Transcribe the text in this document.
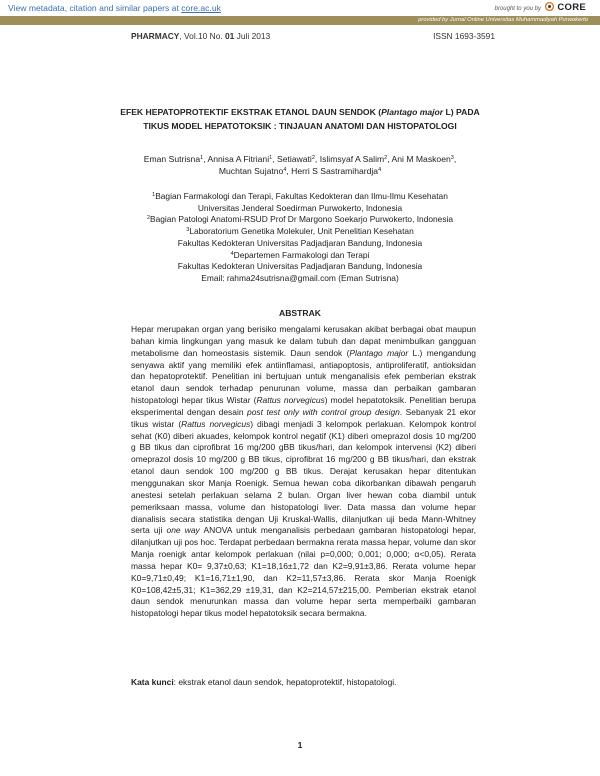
View metadata, citation and similar papers at core.ac.uk	brought to you by CORE
provided by Jurnal Online Universitas Muhammadiyah Purwokerto
PHARMACY, Vol.10 No. 01 Juli 2013	ISSN 1693-3591
EFEK HEPATOPROTEKTIF EKSTRAK ETANOL DAUN SENDOK (Plantago major L) PADA
TIKUS MODEL HEPATOTOKSIK : TINJAUAN ANATOMI DAN HISTOPATOLOGI
Eman Sutrisna$^1$, Annisa A Fitriani$^1$, Setiawati$^2$, Islimsyaf A Salim$^2$, Ani M Maskoen$^3$,
Muchtan Sujatno$^4$, Herri S Sastramihardja$^4$
$^1$Bagian Farmakologi dan Terapi, Fakultas Kedokteran dan Ilmu-Ilmu Kesehatan
Universitas Jenderal Soedirman Purwokerto, Indonesia
$^2$Bagian Patologi Anatomi-RSUD Prof Dr Margono Soekarjo Purwokerto, Indonesia
$^3$Laboratorium Genetika Molekuler, Unit Penelitian Kesehatan
Fakultas Kedokteran Universitas Padjadjaran Bandung, Indonesia
$^4$Departemen Farmakologi dan Terapi
Fakultas Kedokteran Universitas Padjadjaran Bandung, Indonesia
Email: rahma24sutrisna@gmail.com (Eman Sutrisna)
ABSTRAK
Hepar merupakan organ yang berisiko mengalami kerusakan akibat berbagai obat maupun bahan kimia lingkungan yang masuk ke dalam tubuh dan dapat menimbulkan gangguan metabolisme dan homeostasis sistemik. Daun sendok (Plantago major L.) mengandung senyawa aktif yang memiliki efek antiinflamasi, antiapoptosis, antiproliferatif, antioksidan dan hepatoprotektif. Penelitian ini bertujuan untuk menganalisis efek pemberian ekstrak etanol daun sendok terhadap penurunan volume, massa dan perbaikan gambaran histopatologi hepar tikus Wistar (Rattus norvegicus) model hepatotoksik. Penelitian berupa eksperimental dengan desain post test only with control group design. Sebanyak 21 ekor tikus wistar (Rattus norvegicus) dibagi menjadi 3 kelompok perlakuan. Kelompok kontrol sehat (K0) diberi akuades, kelompok kontrol negatif (K1) diberi omeprazol dosis 10 mg/200 g BB tikus dan ciprofibrat 16 mg/200 gBB tikus/hari, dan kelompok intervensi (K2) diberi omeprazol dosis 10 mg/200 g BB tikus, ciprofibrat 16 mg/200 g BB tikus/hari, dan ekstrak etanol daun sendok 100 mg/200 g BB tikus. Derajat kerusakan hepar ditentukan menggunakan skor Manja Roenigk. Semua hewan coba dikorbankan dibawah pengaruh anestesi setelah perlakuan selama 2 bulan. Organ liver hewan coba diambil untuk pemeriksaan massa, volume dan histopatologi liver. Data massa dan volume hepar dianalisis secara statistika dengan Uji Kruskal-Wallis, dilanjutkan uji beda Mann-Whitney serta uji one way ANOVA untuk menganalisis perbedaan gambaran histopatologi hepar, dilanjutkan uji pos hoc. Terdapat perbedaan bermakna rerata massa hepar, volume dan skor Manja roenigk antar kelompok perlakuan (nilai p=0,000; 0,001; 0,000; α<0,05). Rerata massa hepar K0= 9,37±0,63; K1=18,16±1,72 dan K2=9,91±3,86. Rerata volume hepar K0=9,71±0,49; K1=16,71±1,90, dan K2=11,57±3,86. Rerata skor Manja Roenigk K0=108,42±5,31; K1=362,29 ±19,31, dan K2=214,57±215,00. Pemberian ekstrak etanol daun sendok menurunkan massa dan volume hepar serta memperbaiki gambaran histopatologi hepar tikus model hepatotoksik secara bermakna.
Kata kunci: ekstrak etanol daun sendok, hepatoprotektif, histopatologi.
1
